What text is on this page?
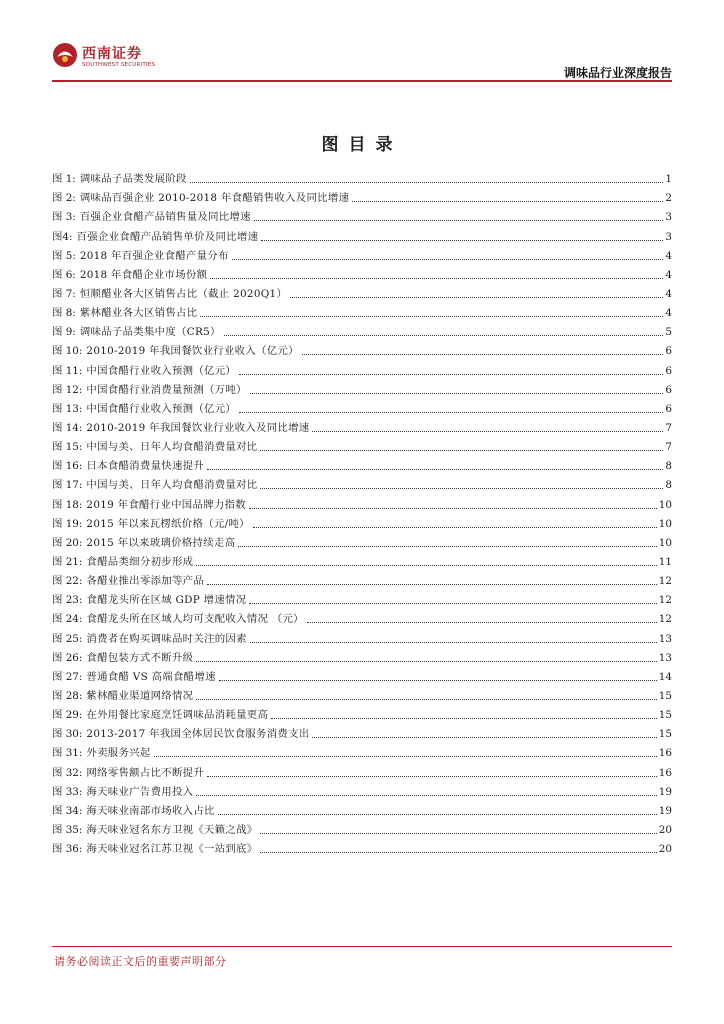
西南证券
SOUTHWEST SECURITIES
调味品行业深度报告
图目录
图 1: 调味品子品类发展阶段	1
图 2: 调味品百强企业 2010-2018 年食醋销售收入及同比增速	2
图 3: 百强企业食醋产品销售量及同比增速	3
图4: 百强企业食醋产品销售单价及同比增速	3
图 5: 2018 年百强企业食醋产量分布	4
图 6: 2018 年食醋企业市场份额	4
图 7: 恒顺醋业各大区销售占比（截止 2020Q1）	4
图 8: 紫林醋业各大区销售占比	4
图 9: 调味品子品类集中度（CR5）	5
图 10: 2010-2019 年我国餐饮业行业收入（亿元）	6
图 11: 中国食醋行业收入预测（亿元）	6
图 12: 中国食醋行业消费量预测（万吨）	6
图 13: 中国食醋行业收入预测（亿元）	6
图 14: 2010-2019 年我国餐饮业行业收入及同比增速	7
图 15: 中国与美、日年人均食醋消费量对比	7
图 16: 日本食醋消费量快速提升	8
图 17: 中国与美、日年人均食醋消费量对比	8
图 18: 2019 年食醋行业中国品牌力指数	10
图 19: 2015 年以来瓦楞纸价格（元/吨）	10
图 20: 2015 年以来玻璃价格持续走高	10
图 21: 食醋品类细分初步形成	11
图 22: 各醋业推出零添加等产品	12
图 23: 食醋龙头所在区域 GDP 增速情况	12
图 24: 食醋龙头所在区域人均可支配收入情况 （元）	12
图 25: 消费者在购买调味品时关注的因素	13
图 26: 食醋包装方式不断升级	13
图 27: 普通食醋 VS 高端食醋增速	14
图 28: 紫林醋业渠道网络情况	15
图 29: 在外用餐比家庭烹饪调味品消耗量更高	15
图 30: 2013-2017 年我国全体居民饮食服务消费支出	15
图 31: 外卖服务兴起	16
图 32: 网络零售额占比不断提升	16
图 33: 海天味业广告费用投入	19
图 34: 海天味业南部市场收入占比	19
图 35: 海天味业冠名东方卫视《天籁之战》	20
图 36: 海天味业冠名江苏卫视《一站到底》	20
请务必阅读正文后的重要声明部分
